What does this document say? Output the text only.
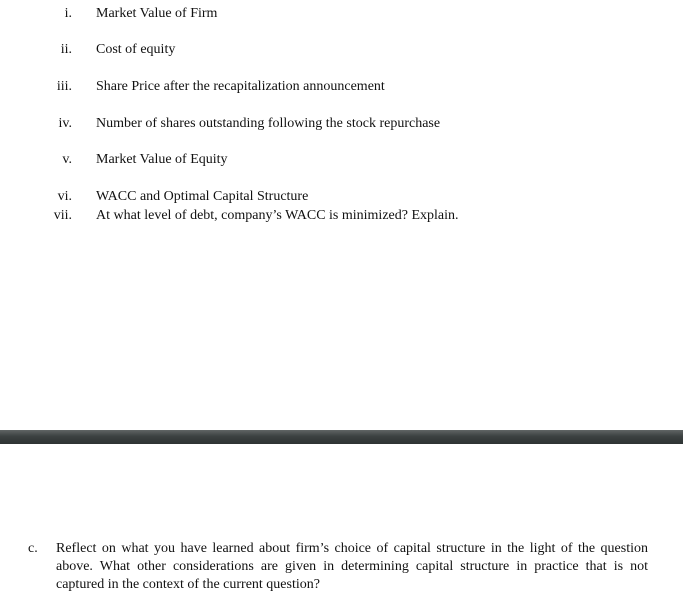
i. Market Value of Firm
ii. Cost of equity
iii. Share Price after the recapitalization announcement
iv. Number of shares outstanding following the stock repurchase
v. Market Value of Equity
vi. WACC and Optimal Capital Structure
vii. At what level of debt, company’s WACC is minimized? Explain.
c.	Reflect on what you have learned about firm’s choice of capital structure in the light of the question above. What other considerations are given in determining capital structure in practice that is not captured in the context of the current question?
